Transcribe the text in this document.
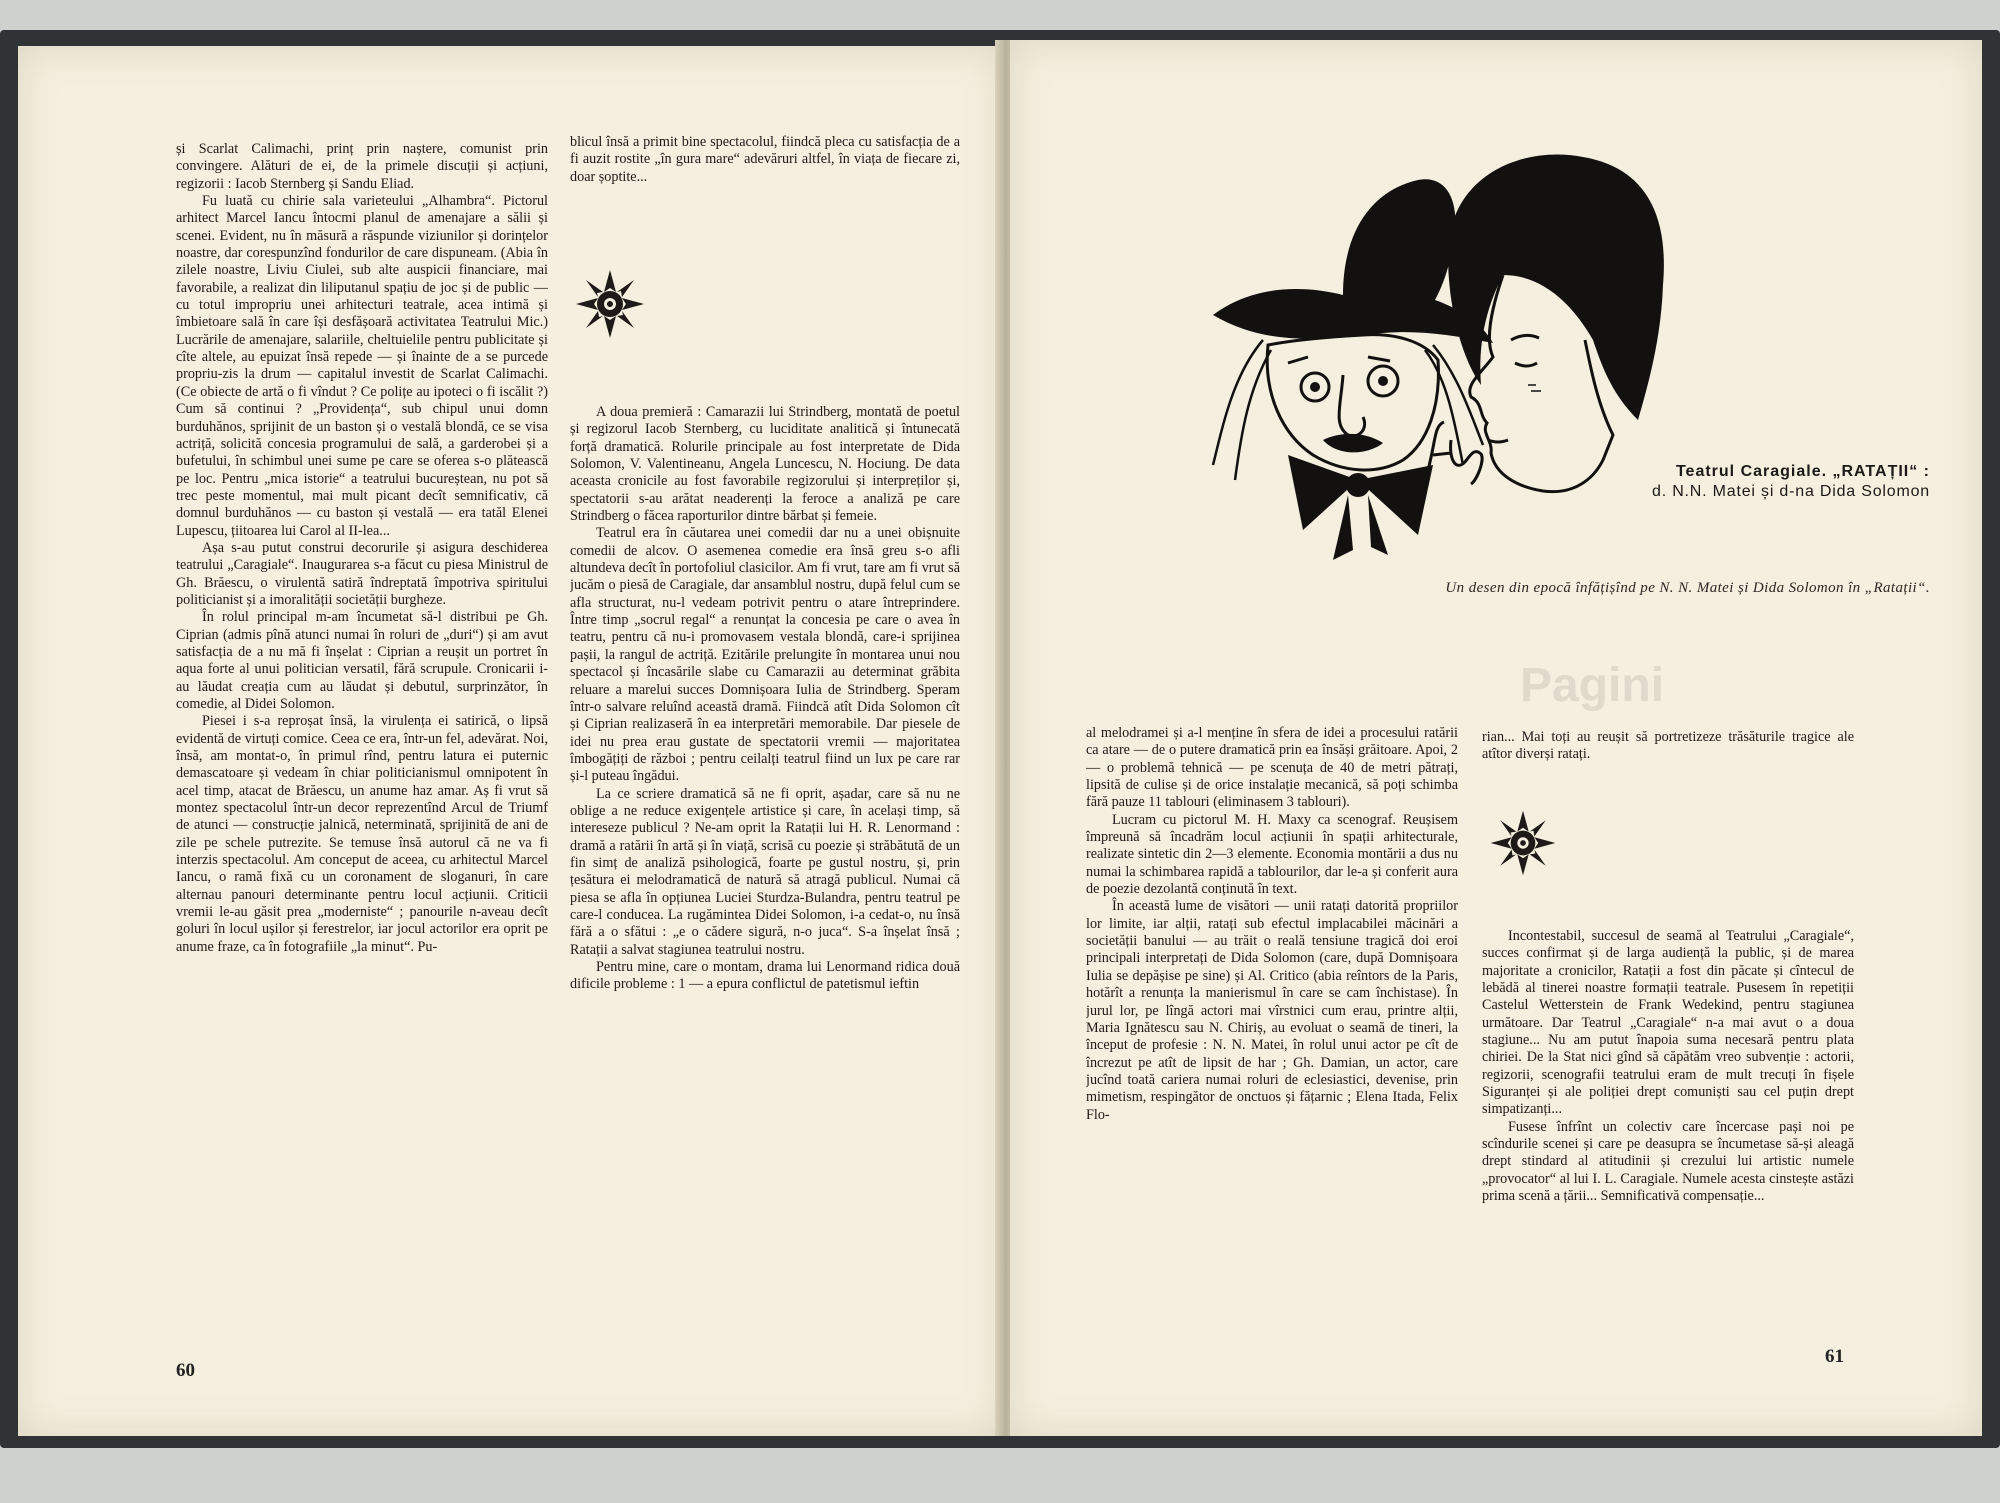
și Scarlat Calimachi, prinț prin naștere, comunist prin convingere. Alături de ei, de la primele discuții și acțiuni, regizorii : Iacob Sternberg și Sandu Eliad.

Fu luată cu chirie sala varieteului „Alhambra“. Pictorul arhitect Marcel Iancu întocmi planul de amenajare a sălii și scenei. Evident, nu în măsură a răspunde viziunilor și dorințelor noastre, dar corespunzînd fondurilor de care dispuneam. (Abia în zilele noastre, Liviu Ciulei, sub alte auspicii financiare, mai favorabile, a realizat din liliputanul spațiu de joc și de public — cu totul impropriu unei arhitecturi teatrale, acea intimă și îmbietoare sală în care își desfășoară activitatea Teatrului Mic.) Lucrările de amenajare, salariile, cheltuielile pentru publicitate și cîte altele, au epuizat însă repede — și înainte de a se purcede propriu-zis la drum — capitalul investit de Scarlat Calimachi. (Ce obiecte de artă o fi vîndut ? Ce polițe au ipoteci o fi iscălit ?) Cum să continui ? „Providența“, sub chipul unui domn burduhănos, sprijinit de un baston și o vestală blondă, ce se visa actriță, solicită concesia programului de sală, a garderobei și a bufetului, în schimbul unei sume pe care se oferea s-o plătească pe loc. Pentru „mica istorie“ a teatrului bucureștean, nu pot să trec peste momentul, mai mult picant decît semnificativ, că domnul burduhănos — cu baston și vestală — era tatăl Elenei Lupescu, țiitoarea lui Carol al II-lea...

Așa s-au putut construi decorurile și asigura deschiderea teatrului „Caragiale“. Inaugurarea s-a făcut cu piesa Ministrul de Gh. Brăescu, o virulentă satiră îndreptată împotriva spiritului politicianist și a imoralității societății burgheze.

În rolul principal m-am încumetat să-l distribui pe Gh. Ciprian (admis pînă atunci numai în roluri de „duri“) și am avut satisfacția de a nu mă fi înșelat : Ciprian a reușit un portret în aqua forte al unui politician versatil, fără scrupule. Cronicarii i-au lăudat creația cum au lăudat și debutul, surprinzător, în comedie, al Didei Solomon.

Piesei i s-a reproșat însă, la virulența ei satirică, o lipsă evidentă de virtuți comice. Ceea ce era, într-un fel, adevărat. Noi, însă, am montat-o, în primul rînd, pentru latura ei puternic demascatoare și vedeam în chiar politicianismul omnipotent în acel timp, atacat de Brăescu, un anume haz amar. Aș fi vrut să montez spectacolul într-un decor reprezentînd Arcul de Triumf de atunci — construcție jalnică, neterminată, sprijinită de ani de zile pe schele putrezite. Se temuse însă autorul că ne va fi interzis spectacolul. Am conceput de aceea, cu arhitectul Marcel Iancu, o ramă fixă cu un coronament de sloganuri, în care alternau panouri determinante pentru locul acțiunii. Criticii vremii le-au găsit prea „moderniste“ ; panourile n-aveau decît goluri în locul ușilor și ferestrelor, iar jocul actorilor era oprit pe anume fraze, ca în fotografiile „la minut“. Pu-

blicul însă a primit bine spectacolul, fiindcă pleca cu satisfacția de a fi auzit rostite „în gura mare“ adevăruri altfel, în viața de fiecare zi, doar șoptite...

A doua premieră : Camarazii lui Strindberg, montată de poetul și regizorul Iacob Sternberg, cu luciditate analitică și întunecată forță dramatică. Rolurile principale au fost interpretate de Dida Solomon, V. Valentineanu, Angela Luncescu, N. Hociung. De data aceasta cronicile au fost favorabile regizorului și interpreților și, spectatorii s-au arătat neaderenți la feroce a analiză pe care Strindberg o făcea raporturilor dintre bărbat și femeie.

Teatrul era în căutarea unei comedii dar nu a unei obișnuite comedii de alcov. O asemenea comedie era însă greu s-o afli altundeva decît în portofoliul clasicilor. Am fi vrut, tare am fi vrut să jucăm o piesă de Caragiale, dar ansamblul nostru, după felul cum se afla structurat, nu-l vedeam potrivit pentru o atare întreprindere. Între timp „socrul regal“ a renunțat la concesia pe care o avea în teatru, pentru că nu-i promovasem vestala blondă, care-i sprijinea pașii, la rangul de actriță. Ezitările prelungite în montarea unui nou spectacol și încasările slabe cu Camarazii au determinat grăbita reluare a marelui succes Domnișoara Iulia de Strindberg. Speram într-o salvare reluînd această dramă. Fiindcă atît Dida Solomon cît și Ciprian realizaseră în ea interpretări memorabile. Dar piesele de idei nu prea erau gustate de spectatorii vremii — majoritatea îmbogățiți de război ; pentru ceilalți teatrul fiind un lux pe care rar și-l puteau îngădui.

La ce scriere dramatică să ne fi oprit, așadar, care să nu ne oblige a ne reduce exigențele artistice și care, în același timp, să intereseze publicul ? Ne-am oprit la Ratații lui H. R. Lenormand : dramă a ratării în artă și în viață, scrisă cu poezie și străbătută de un fin simț de analiză psihologică, foarte pe gustul nostru, și, prin țesătura ei melodramatică de natură să atragă publicul. Numai că piesa se afla în opțiunea Luciei Sturdza-Bulandra, pentru teatrul pe care-l conducea. La rugămintea Didei Solomon, i-a cedat-o, nu însă fără a o sfătui : „e o cădere sigură, n-o juca“. S-a înșelat însă ; Ratații a salvat stagiunea teatrului nostru.

Pentru mine, care o montam, drama lui Lenormand ridica două dificile probleme : 1 — a epura conflictul de patetismul ieftin

60
Pagini
Teatrul Caragiale. „RATAȚII“ :
d. N.N. Matei și d-na Dida Solomon
Un desen din epocă înfățișînd pe N. N. Matei și Dida Solomon în „Ratații“.

al melodramei și a-l menține în sfera de idei a procesului ratării ca atare — de o putere dramatică prin ea însăși grăitoare. Apoi, 2 — o problemă tehnică — pe scenuța de 40 de metri pătrați, lipsită de culise și de orice instalație mecanică, să poți schimba fără pauze 11 tablouri (eliminasem 3 tablouri).

Lucram cu pictorul M. H. Maxy ca scenograf. Reușisem împreună să încadrăm locul acțiunii în spații arhitecturale, realizate sintetic din 2—3 elemente. Economia montării a dus nu numai la schimbarea rapidă a tablourilor, dar le-a și conferit aura de poezie dezolantă conținută în text.

În această lume de visători — unii ratați datorită propriilor lor limite, iar alții, ratați sub efectul implacabilei măcinări a societății banului — au trăit o reală tensiune tragică doi eroi principali interpretați de Dida Solomon (care, după Domnișoara Iulia se depășise pe sine) și Al. Critico (abia reîntors de la Paris, hotărît a renunța la manierismul în care se cam închistase). În jurul lor, pe lîngă actori mai vîrstnici cum erau, printre alții, Maria Ignătescu sau N. Chiriș, au evoluat o seamă de tineri, la început de profesie : N. N. Matei, în rolul unui actor pe cît de încrezut pe atît de lipsit de har ; Gh. Damian, un actor, care jucînd toată cariera numai roluri de eclesiastici, devenise, prin mimetism, respingător de onctuos și fățarnic ; Elena Itada, Felix Flo-

rian... Mai toți au reușit să portretizeze trăsăturile tragice ale atîtor diverși ratați.

Incontestabil, succesul de seamă al Teatrului „Caragiale“, succes confirmat și de larga audiență la public, și de marea majoritate a cronicilor, Ratații a fost din păcate și cîntecul de lebădă al tinerei noastre formații teatrale. Pusesem în repetiții Castelul Wetterstein de Frank Wedekind, pentru stagiunea următoare. Dar Teatrul „Caragiale“ n-a mai avut o a doua stagiune... Nu am putut înapoia suma necesară pentru plata chiriei. De la Stat nici gînd să căpătăm vreo subvenție : actorii, regizorii, scenografii teatrului eram de mult trecuți în fișele Siguranței și ale poliției drept comuniști sau cel puțin drept simpatizanți...

Fusese înfrînt un colectiv care încercase pași noi pe scîndurile scenei și care pe deasupra se încumetase să-și aleagă drept stindard al atitudinii și crezului lui artistic numele „provocator“ al lui I. L. Caragiale. Numele acesta cinstește astăzi prima scenă a țării... Semnificativă compensație...

61
